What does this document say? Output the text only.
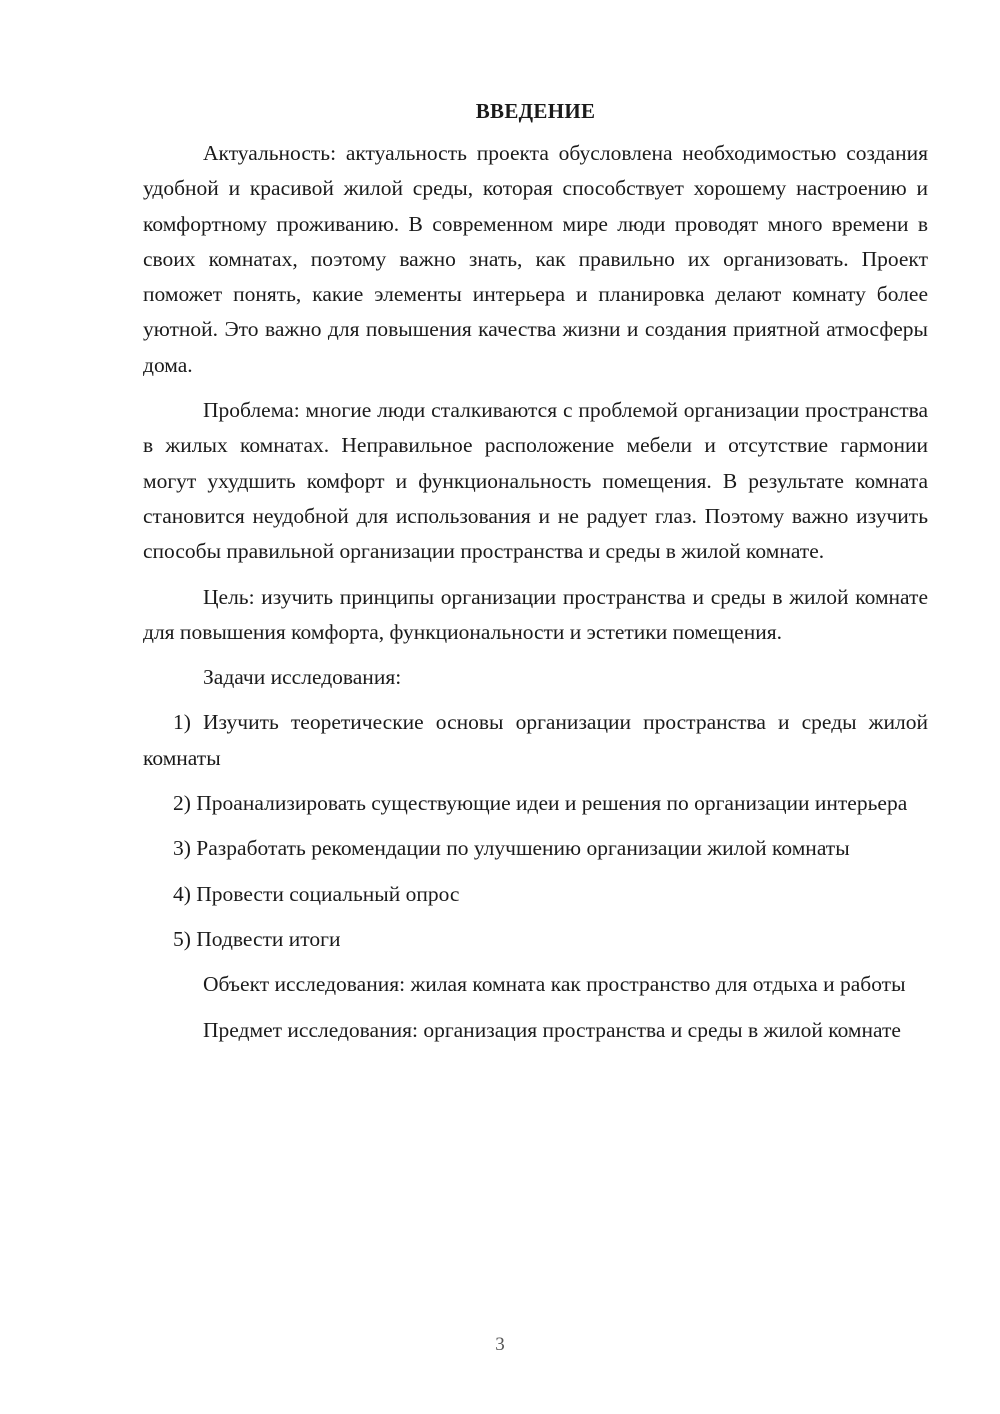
ВВЕДЕНИЕ

Актуальность: актуальность проекта обусловлена необходимостью создания удобной и красивой жилой среды, которая способствует хорошему настроению и комфортному проживанию. В современном мире люди проводят много времени в своих комнатах, поэтому важно знать, как правильно их организовать. Проект поможет понять, какие элементы интерьера и планировка делают комнату более уютной. Это важно для повышения качества жизни и создания приятной атмосферы дома.

Проблема: многие люди сталкиваются с проблемой организации пространства в жилых комнатах. Неправильное расположение мебели и отсутствие гармонии могут ухудшить комфорт и функциональность помещения. В результате комната становится неудобной для использования и не радует глаз. Поэтому важно изучить способы правильной организации пространства и среды в жилой комнате.

Цель: изучить принципы организации пространства и среды в жилой комнате для повышения комфорта, функциональности и эстетики помещения.

Задачи исследования:

1) Изучить теоретические основы организации пространства и среды жилой комнаты

2) Проанализировать существующие идеи и решения по организации интерьера

3) Разработать рекомендации по улучшению организации жилой комнаты

4) Провести социальный опрос

5) Подвести итоги

Объект исследования: жилая комната как пространство для отдыха и работы

Предмет исследования: организация пространства и среды в жилой комнате

3
